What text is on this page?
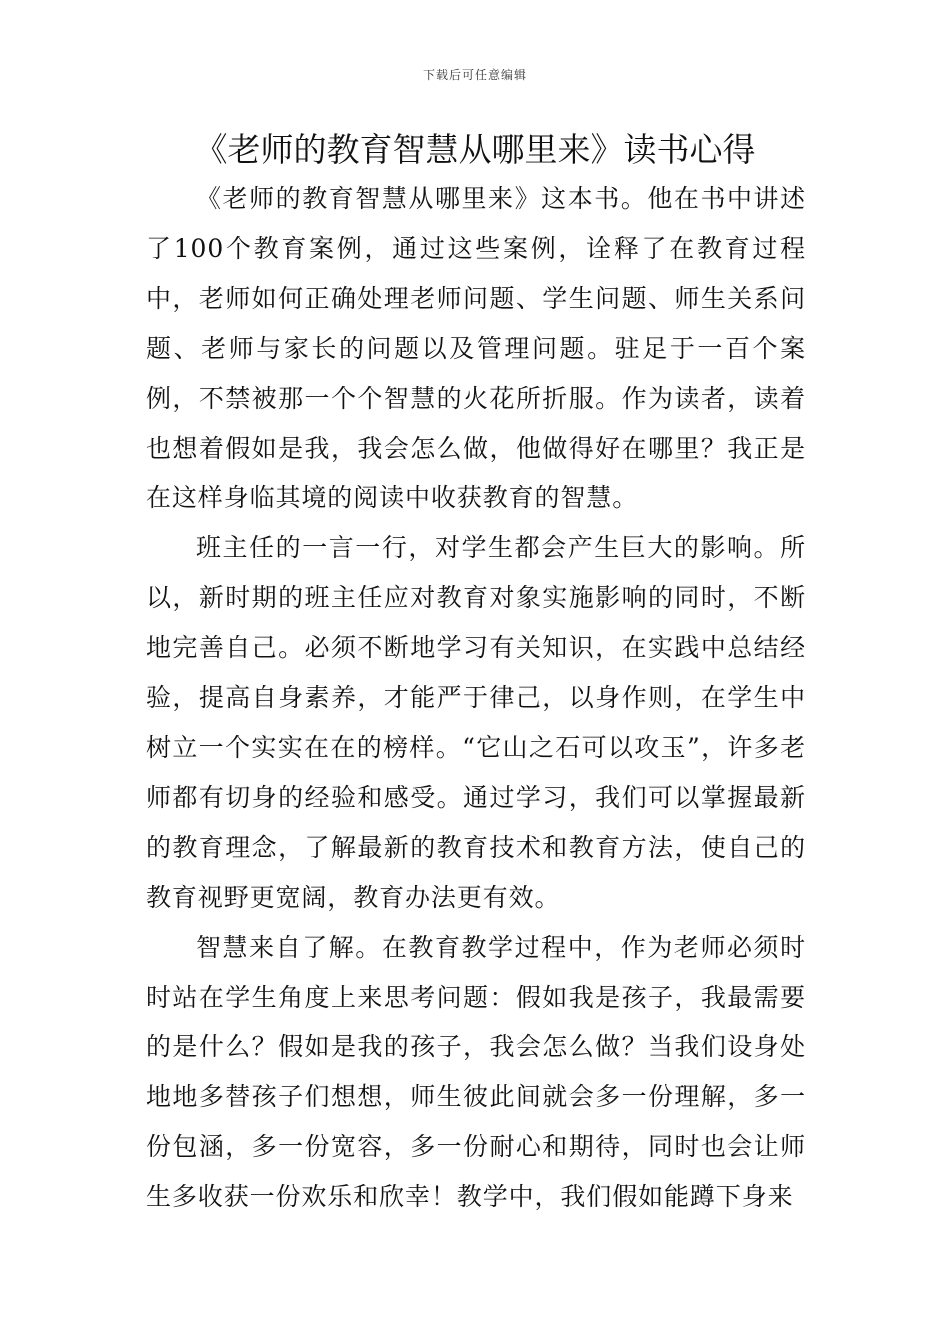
下载后可任意编辑
《老师的教育智慧从哪里来》读书心得

《老师的教育智慧从哪里来》这本书。他在书中讲述了100个教育案例，通过这些案例，诠释了在教育过程中，老师如何正确处理老师问题、学生问题、师生关系问题、老师与家长的问题以及管理问题。驻足于一百个案例，不禁被那一个个智慧的火花所折服。作为读者，读着也想着假如是我，我会怎么做，他做得好在哪里？我正是在这样身临其境的阅读中收获教育的智慧。

班主任的一言一行，对学生都会产生巨大的影响。所以，新时期的班主任应对教育对象实施影响的同时，不断地完善自己。必须不断地学习有关知识，在实践中总结经验，提高自身素养，才能严于律己，以身作则，在学生中树立一个实实在在的榜样。“它山之石可以攻玉”，许多老师都有切身的经验和感受。通过学习，我们可以掌握最新的教育理念，了解最新的教育技术和教育方法，使自己的教育视野更宽阔，教育办法更有效。

智慧来自了解。在教育教学过程中，作为老师必须时时站在学生角度上来思考问题：假如我是孩子，我最需要的是什么？假如是我的孩子，我会怎么做？当我们设身处地地多替孩子们想想，师生彼此间就会多一份理解，多一份包涵，多一份宽容，多一份耐心和期待，同时也会让师生多收获一份欢乐和欣幸！教学中，我们假如能蹲下身来
